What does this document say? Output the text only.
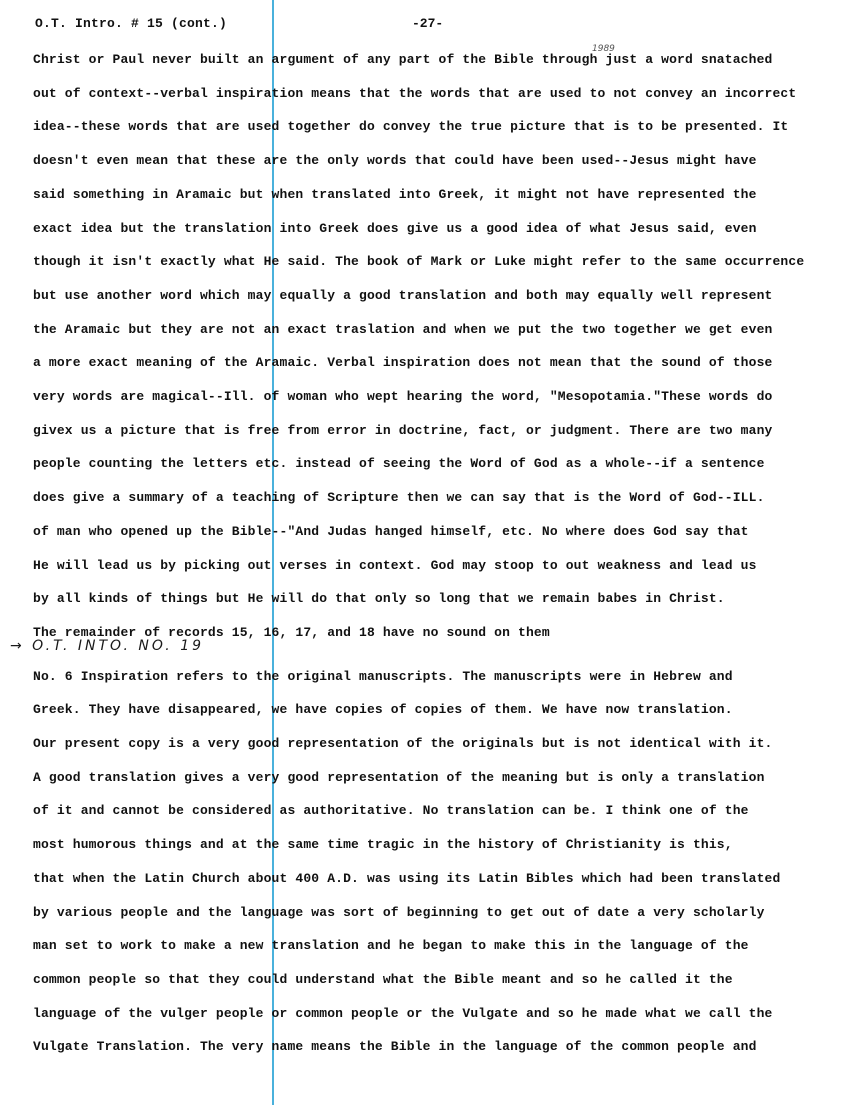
O.T. Intro. # 15 (cont.)	-27-
1989
Christ or Paul never built an argument of any part of the Bible through just a word snatached
out of context--verbal inspiration means that the words that are used to not convey an incorrect
idea--these words that are used together do convey the true picture that is to be presented. It
doesn't even mean that these are the only words that could have been used--Jesus might have
said something in Aramaic but when translated into Greek, it might not have represented the
exact idea but the translation into Greek does give us a good idea of what Jesus said, even
though it isn't exactly what He said. The book of Mark or Luke might refer to the same occurrence
but use another word which may equally a good translation and both may equally well represent
the Aramaic but they are not an exact traslation and when we put the two together we get even
a more exact meaning of the Aramaic. Verbal inspiration does not mean that the sound of those
very words are magical--Ill. of woman who wept hearing the word, "Mesopotamia."These words do
givex us a picture that is free from error in doctrine, fact, or judgment. There are two many
people counting the letters etc. instead of seeing the Word of God as a whole--if a sentence
does give a summary of a teaching of Scripture then we can say that is the Word of God--ILL.
of man who opened up the Bible--"And Judas hanged himself, etc. No where does God say that
He will lead us by picking out verses in context. God may stoop to out weakness and lead us
by all kinds of things but He will do that only so long that we remain babes in Christ.
The remainder of records 15, 16, 17, and 18 have no sound on them
No. 6 Inspiration refers to the original manuscripts. The manuscripts were in Hebrew and
Greek. They have disappeared, we have copies of copies of them. We have now translation.
Our present copy is a very good representation of the originals but is not identical with it.
A good translation gives a very good representation of the meaning but is only a translation
of it and cannot be considered as authoritative. No translation can be. I think one of the
most humorous things and at the same time tragic in the history of Christianity is this,
that when the Latin Church about 400 A.D. was using its Latin Bibles which had been translated
by various people and the language was sort of beginning to get out of date a very scholarly
man set to work to make a new translation and he began to make this in the language of the
common people so that they could understand what the Bible meant and so he called it the
language of the vulger people or common people or the Vulgate and so he made what we call the
Vulgate Translation. The very name means the Bible in the language of the common people and
→ O.T. INTO. NO. 19
